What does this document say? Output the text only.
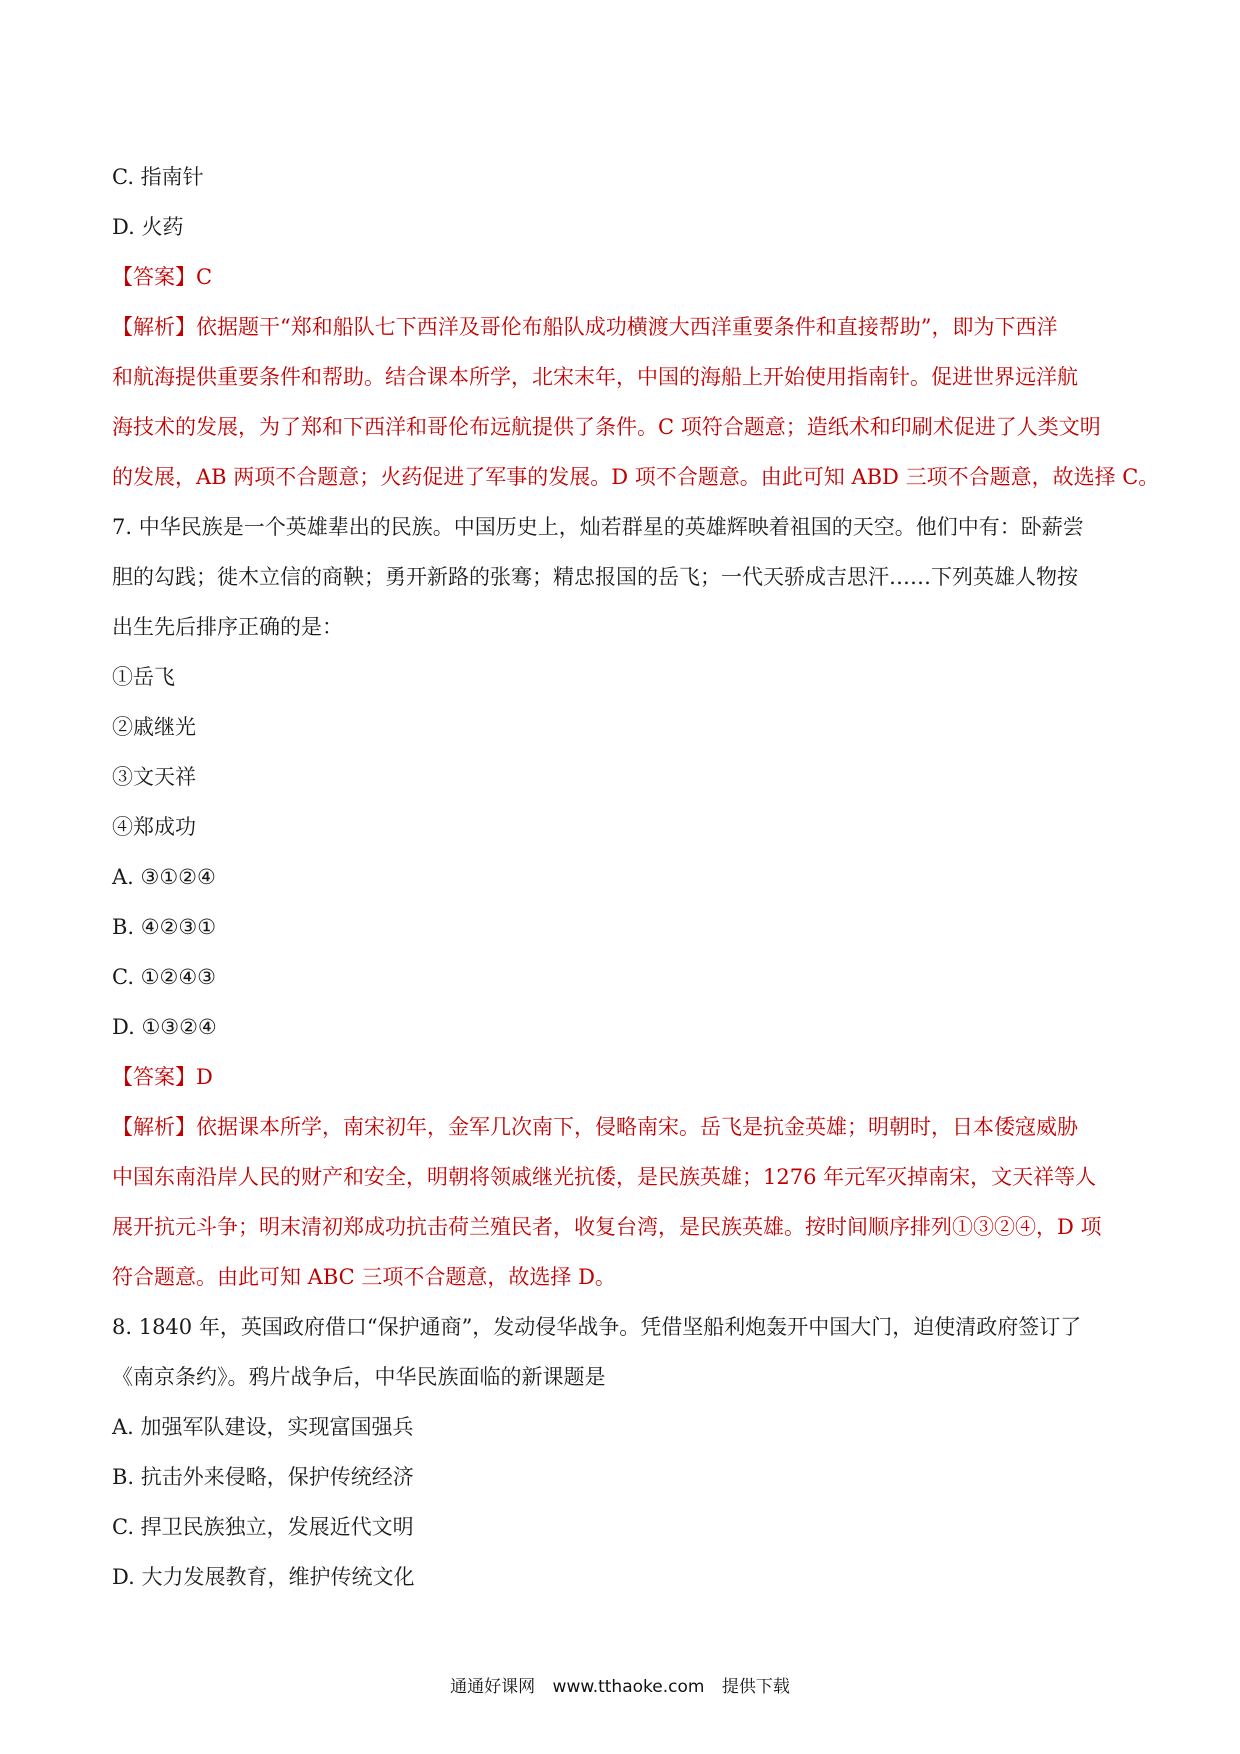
C. 指南针
D. 火药
【答案】C
【解析】依据题干“郑和船队七下西洋及哥伦布船队成功横渡大西洋重要条件和直接帮助”，即为下西洋
和航海提供重要条件和帮助。结合课本所学，北宋末年，中国的海船上开始使用指南针。促进世界远洋航
海技术的发展，为了郑和下西洋和哥伦布远航提供了条件。C 项符合题意；造纸术和印刷术促进了人类文明
的发展，AB 两项不合题意；火药促进了军事的发展。D 项不合题意。由此可知 ABD 三项不合题意，故选择 C。
7. 中华民族是一个英雄辈出的民族。中国历史上，灿若群星的英雄辉映着祖国的天空。他们中有：卧薪尝
胆的勾践；徙木立信的商鞅；勇开新路的张骞；精忠报国的岳飞；一代天骄成吉思汗……下列英雄人物按
出生先后排序正确的是：
①岳飞
②戚继光
③文天祥
④郑成功
A. ③①②④
B. ④②③①
C. ①②④③
D. ①③②④
【答案】D
【解析】依据课本所学，南宋初年，金军几次南下，侵略南宋。岳飞是抗金英雄；明朝时，日本倭寇威胁
中国东南沿岸人民的财产和安全，明朝将领戚继光抗倭，是民族英雄；1276 年元军灭掉南宋，文天祥等人
展开抗元斗争；明末清初郑成功抗击荷兰殖民者，收复台湾，是民族英雄。按时间顺序排列①③②④，D 项
符合题意。由此可知 ABC 三项不合题意，故选择 D。
8. 1840 年，英国政府借口“保护通商”，发动侵华战争。凭借坚船利炮轰开中国大门，迫使清政府签订了
《南京条约》。鸦片战争后，中华民族面临的新课题是
A. 加强军队建设，实现富国强兵
B. 抗击外来侵略，保护传统经济
C. 捍卫民族独立，发展近代文明
D. 大力发展教育，维护传统文化
通通好课网 www.tthaoke.com 提供下载
